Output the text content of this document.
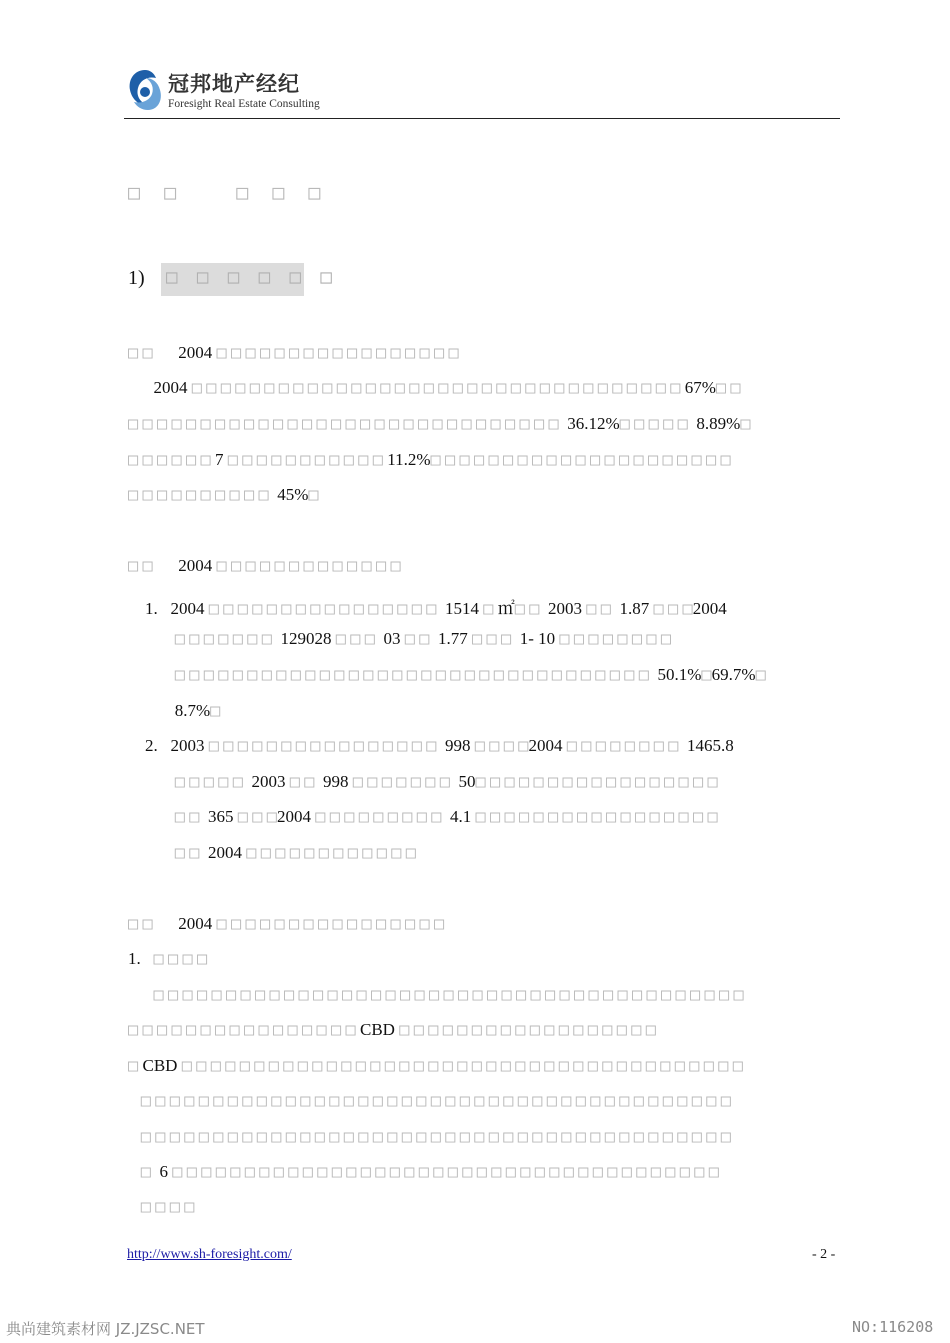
冠邦地产经纪
Foresight Real Estate Consulting
□ □   □ □ □
1) □ □ □ □ □ □
□ □      2004 □ □ □ □ □ □ □ □ □ □ □ □ □ □ □ □ □
2004 □ □ □ □ □ □ □ □ □ □ □ □ □ □ □ □ □ □ □ □ □ □ □ □ □ □ □ □ □ □ □ □ □ □ 67%□ □
□ □ □ □ □ □ □ □ □ □ □ □ □ □ □ □ □ □ □ □ □ □ □ □ □ □ □ □ □ □  36.12%□ □ □ □ □  8.89%□
□ □ □ □ □ □ 7 □ □ □ □ □ □ □ □ □ □ □ 11.2%□ □ □ □ □ □ □ □ □ □ □ □ □ □ □ □ □ □ □ □ □
□ □ □ □ □ □ □ □ □ □  45%□
□ □      2004 □ □ □ □ □ □ □ □ □ □ □ □ □
1.   2004 □ □ □ □ □ □ □ □ □ □ □ □ □ □ □ □  1514 □ ㎡□ □  2003 □ □  1.87 □ □ □2004
□ □ □ □ □ □ □  129028 □ □ □  03 □ □  1.77 □ □ □  1- 10 □ □ □ □ □ □ □ □
□ □ □ □ □ □ □ □ □ □ □ □ □ □ □ □ □ □ □ □ □ □ □ □ □ □ □ □ □ □ □ □ □  50.1%□69.7%□
8.7%□
2.   2003 □ □ □ □ □ □ □ □ □ □ □ □ □ □ □ □  998 □ □ □ □2004 □ □ □ □ □ □ □ □  1465.8
□ □ □ □ □  2003 □ □  998 □ □ □ □ □ □ □  50□ □ □ □ □ □ □ □ □ □ □ □ □ □ □ □ □
□ □  365 □ □ □2004 □ □ □ □ □ □ □ □ □  4.1 □ □ □ □ □ □ □ □ □ □ □ □ □ □ □ □ □
□ □  2004 □ □ □ □ □ □ □ □ □ □ □ □
□ □      2004 □ □ □ □ □ □ □ □ □ □ □ □ □ □ □ □
1.   □ □ □ □
□ □ □ □ □ □ □ □ □ □ □ □ □ □ □ □ □ □ □ □ □ □ □ □ □ □ □ □ □ □ □ □ □ □ □ □ □ □ □ □ □
□ □ □ □ □ □ □ □ □ □ □ □ □ □ □ □ CBD □ □ □ □ □ □ □ □ □ □ □ □ □ □ □ □ □ □
□ CBD □ □ □ □ □ □ □ □ □ □ □ □ □ □ □ □ □ □ □ □ □ □ □ □ □ □ □ □ □ □ □ □ □ □ □ □ □ □ □
□ □ □ □ □ □ □ □ □ □ □ □ □ □ □ □ □ □ □ □ □ □ □ □ □ □ □ □ □ □ □ □ □ □ □ □ □ □ □ □ □
□ □ □ □ □ □ □ □ □ □ □ □ □ □ □ □ □ □ □ □ □ □ □ □ □ □ □ □ □ □ □ □ □ □ □ □ □ □ □ □ □
□  6 □ □ □ □ □ □ □ □ □ □ □ □ □ □ □ □ □ □ □ □ □ □ □ □ □ □ □ □ □ □ □ □ □ □ □ □ □ □
□ □ □ □
http://www.sh-foresight.com/	- 2 -
典尚建筑素材网 JZ.JZSC.NET	NO:116208
